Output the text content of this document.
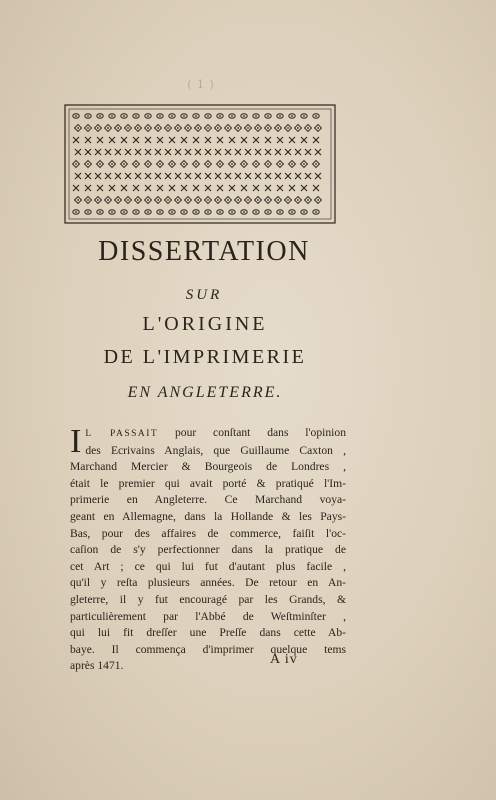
( 1 )
DISSERTATION
SUR
L'ORIGINE
DE L'IMPRIMERIE
EN ANGLETERRE.
I L PASSAIT pour conſtant dans l'opinion
des Ecrivains Anglais, que Guillaume Caxton ,
Marchand Mercier & Bourgeois de Londres ,
était le premier qui avait porté & pratiqué l'Im-
primerie en Angleterre. Ce Marchand voya-
geant en Allemagne, dans la Hollande & les Pays-
Bas, pour des affaires de commerce, faiſit l'oc-
caſion de s'y perfectionner dans la pratique de
cet Art ; ce qui lui fut d'autant plus facile ,
qu'il y reſta plusieurs années. De retour en An-
gleterre, il y fut encouragé par les Grands, &
particulièrement par l'Abbé de Weſtminſter ,
qui lui fit dreſſer une Preſſe dans cette Ab-
baye. Il commença d'imprimer quelque tems
après 1471.	A iv
